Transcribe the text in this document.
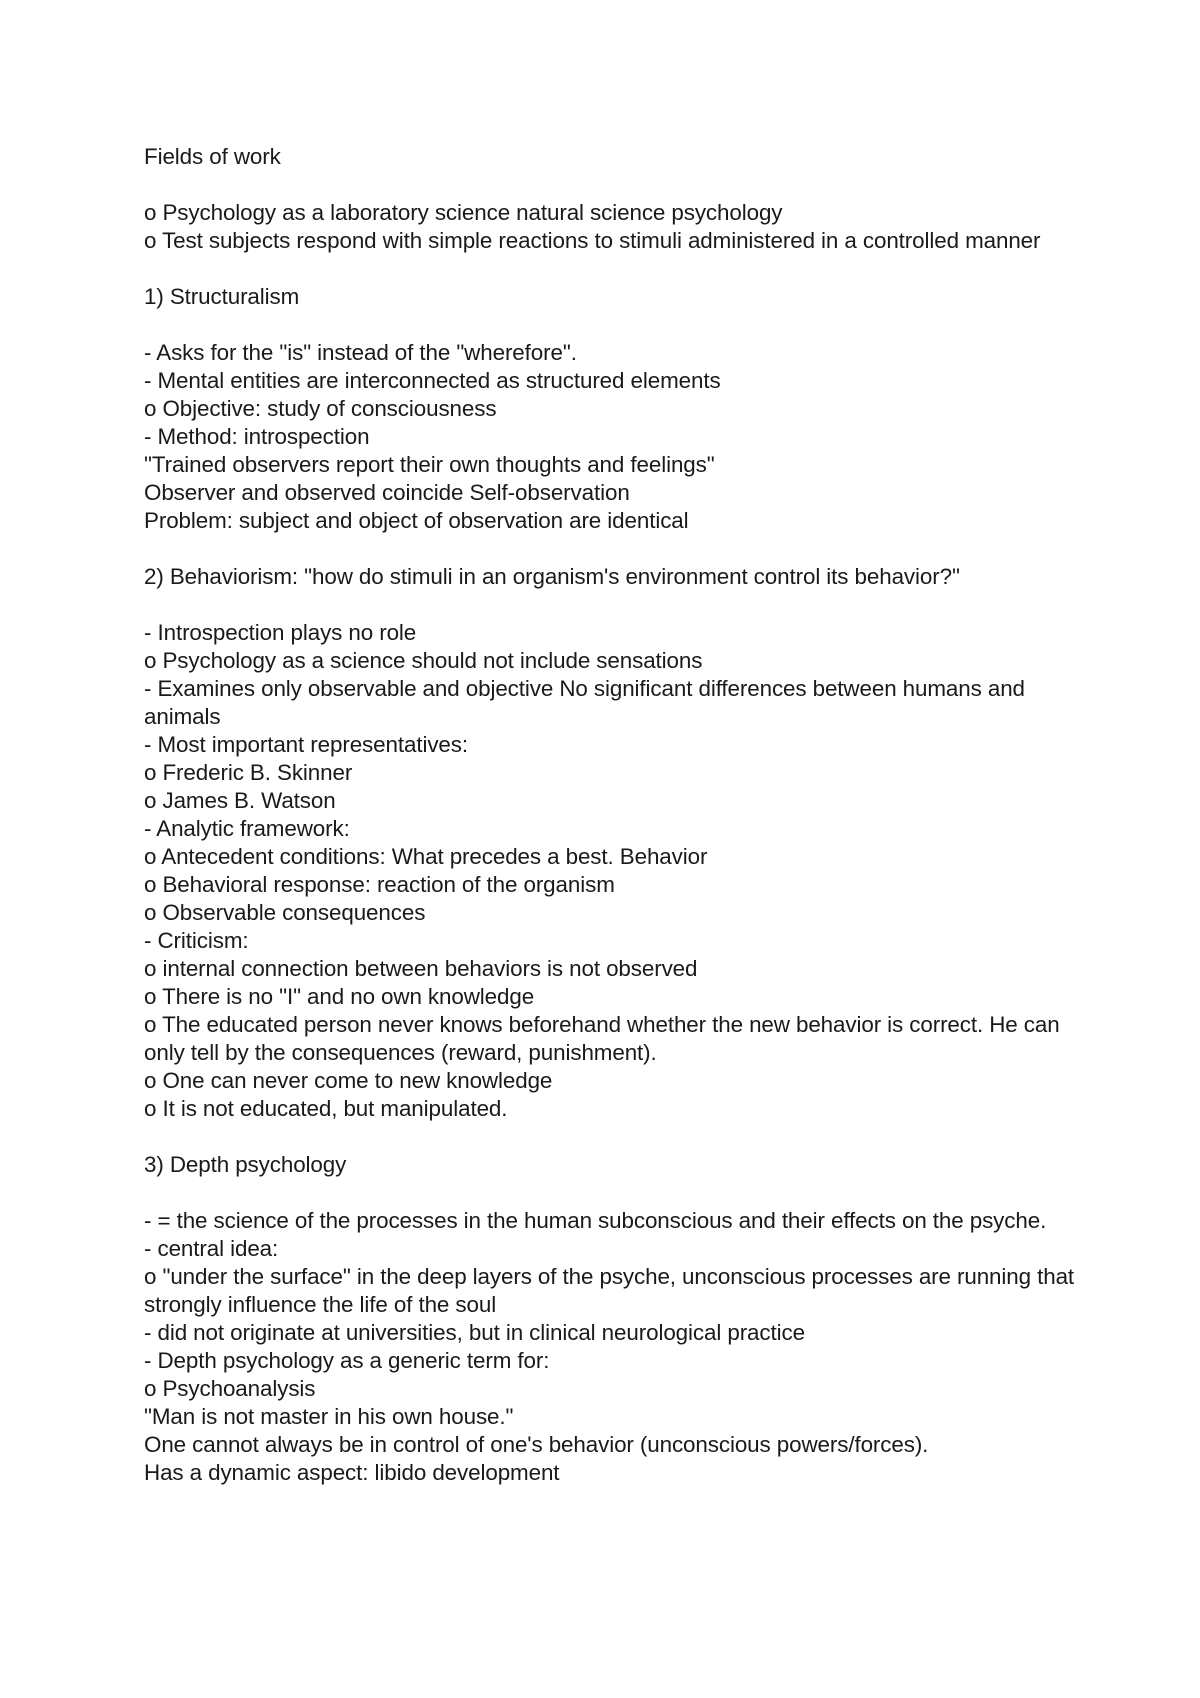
Fields of work

o Psychology as a laboratory science natural science psychology

o Test subjects respond with simple reactions to stimuli administered in a controlled manner

1) Structuralism

- Asks for the "is" instead of the "wherefore".

- Mental entities are interconnected as structured elements

o Objective: study of consciousness

- Method: introspection

"Trained observers report their own thoughts and feelings"

Observer and observed coincide Self-observation

Problem: subject and object of observation are identical

2) Behaviorism: "how do stimuli in an organism's environment control its behavior?"

- Introspection plays no role

o Psychology as a science should not include sensations

- Examines only observable and objective No significant differences between humans and animals

- Most important representatives:

o Frederic B. Skinner

o James B. Watson

- Analytic framework:

o Antecedent conditions: What precedes a best. Behavior

o Behavioral response: reaction of the organism

o Observable consequences

- Criticism:

o internal connection between behaviors is not observed

o There is no "I" and no own knowledge

o The educated person never knows beforehand whether the new behavior is correct. He can only tell by the consequences (reward, punishment).

o One can never come to new knowledge

o It is not educated, but manipulated.

3) Depth psychology

- = the science of the processes in the human subconscious and their effects on the psyche.

- central idea:

o "under the surface" in the deep layers of the psyche, unconscious processes are running that strongly influence the life of the soul

- did not originate at universities, but in clinical neurological practice

- Depth psychology as a generic term for:

o Psychoanalysis

"Man is not master in his own house."

One cannot always be in control of one's behavior (unconscious powers/forces).

Has a dynamic aspect: libido development
